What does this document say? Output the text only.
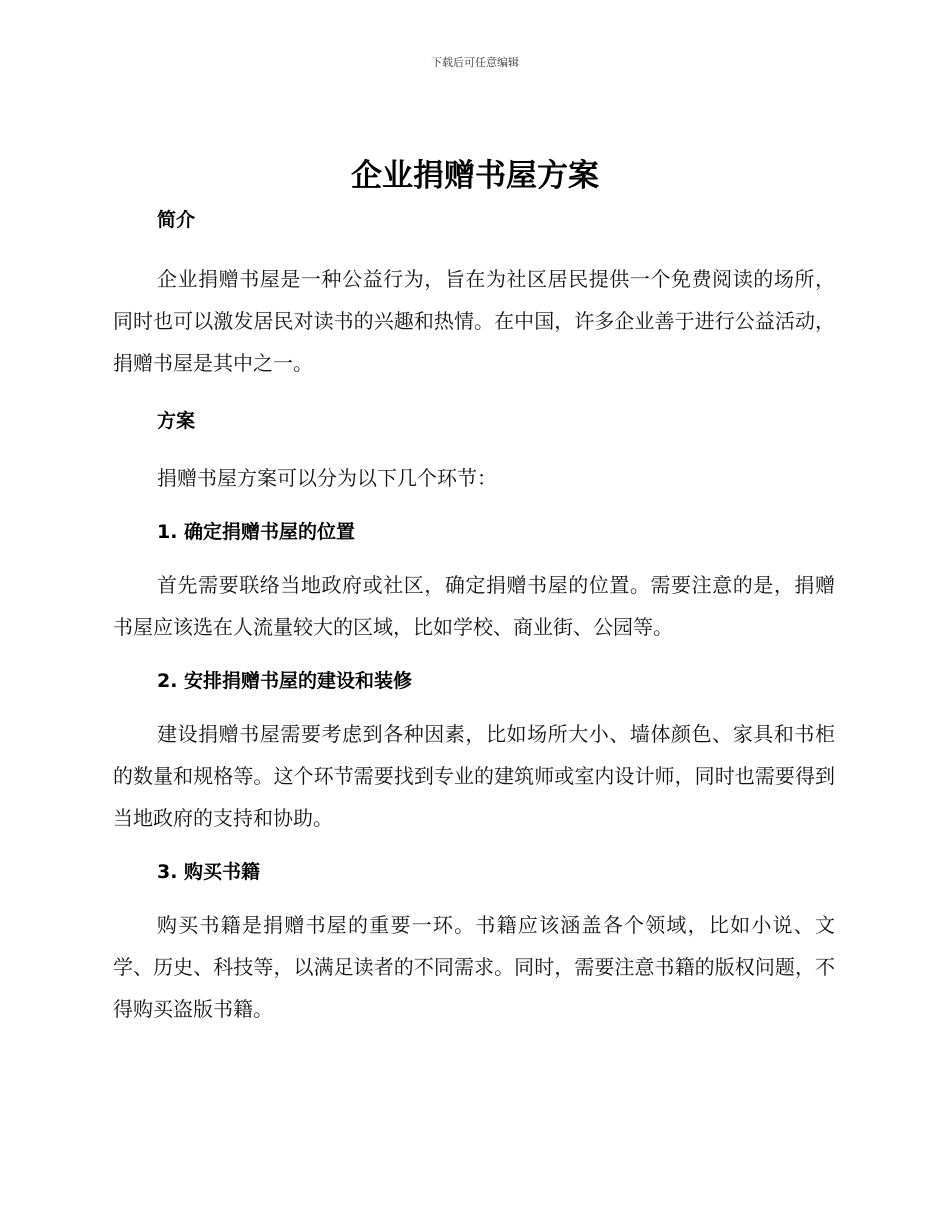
下载后可任意编辑
企业捐赠书屋方案
简介

企业捐赠书屋是一种公益行为，旨在为社区居民提供一个免费阅读的场所，同时也可以激发居民对读书的兴趣和热情。在中国，许多企业善于进行公益活动，捐赠书屋是其中之一。

方案

捐赠书屋方案可以分为以下几个环节：

1. 确定捐赠书屋的位置

首先需要联络当地政府或社区，确定捐赠书屋的位置。需要注意的是，捐赠书屋应该选在人流量较大的区域，比如学校、商业街、公园等。

2. 安排捐赠书屋的建设和装修

建设捐赠书屋需要考虑到各种因素，比如场所大小、墙体颜色、家具和书柜的数量和规格等。这个环节需要找到专业的建筑师或室内设计师，同时也需要得到当地政府的支持和协助。

3. 购买书籍

购买书籍是捐赠书屋的重要一环。书籍应该涵盖各个领域，比如小说、文学、历史、科技等，以满足读者的不同需求。同时，需要注意书籍的版权问题，不得购买盗版书籍。
